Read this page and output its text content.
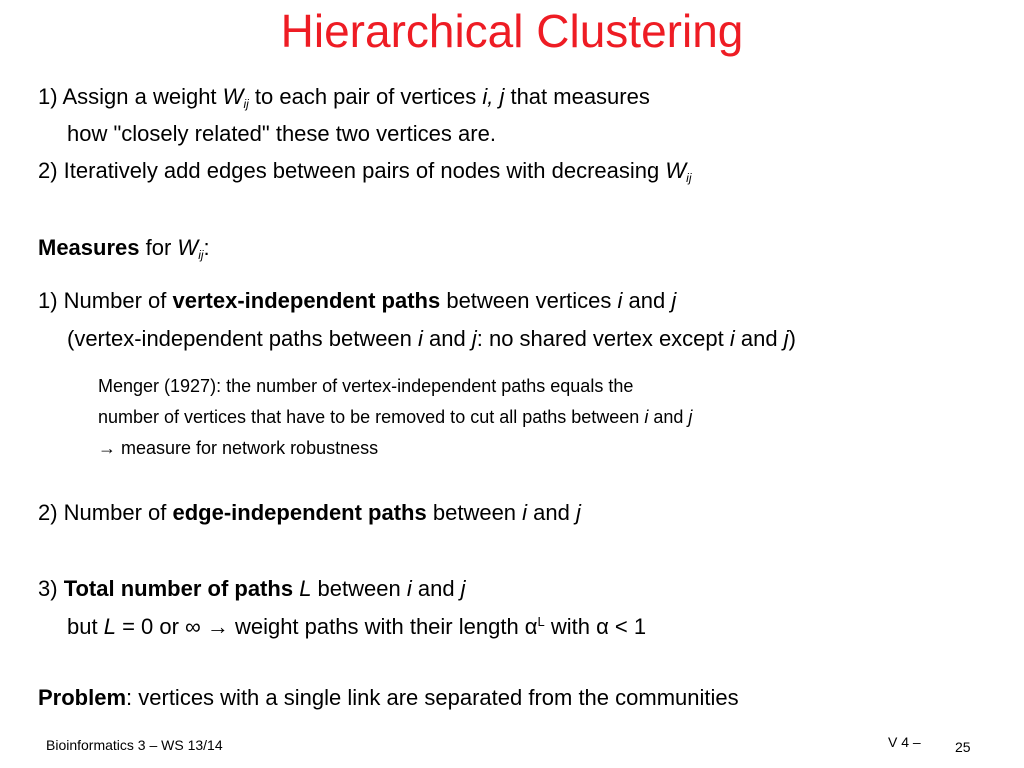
Hierarchical Clustering
1) Assign a weight $W_{ij}$ to each pair of vertices i, j that measures
how "closely related" these two vertices are.
2) Iteratively add edges between pairs of nodes with decreasing $W_{ij}$
Measures for $W_{ij}$:
1) Number of vertex-independent paths between vertices i and j
(vertex-independent paths between i and j: no shared vertex except i and j)
Menger (1927): the number of vertex-independent paths equals the
number of vertices that have to be removed to cut all paths between i and j
→ measure for network robustness
2) Number of edge-independent paths between i and j
3) Total number of paths L between i and j
but L = 0 or ∞ → weight paths with their length $\alpha^L$ with α < 1
Problem: vertices with a single link are separated from the communities
Bioinformatics 3 – WS 13/14	V 4 – 25
